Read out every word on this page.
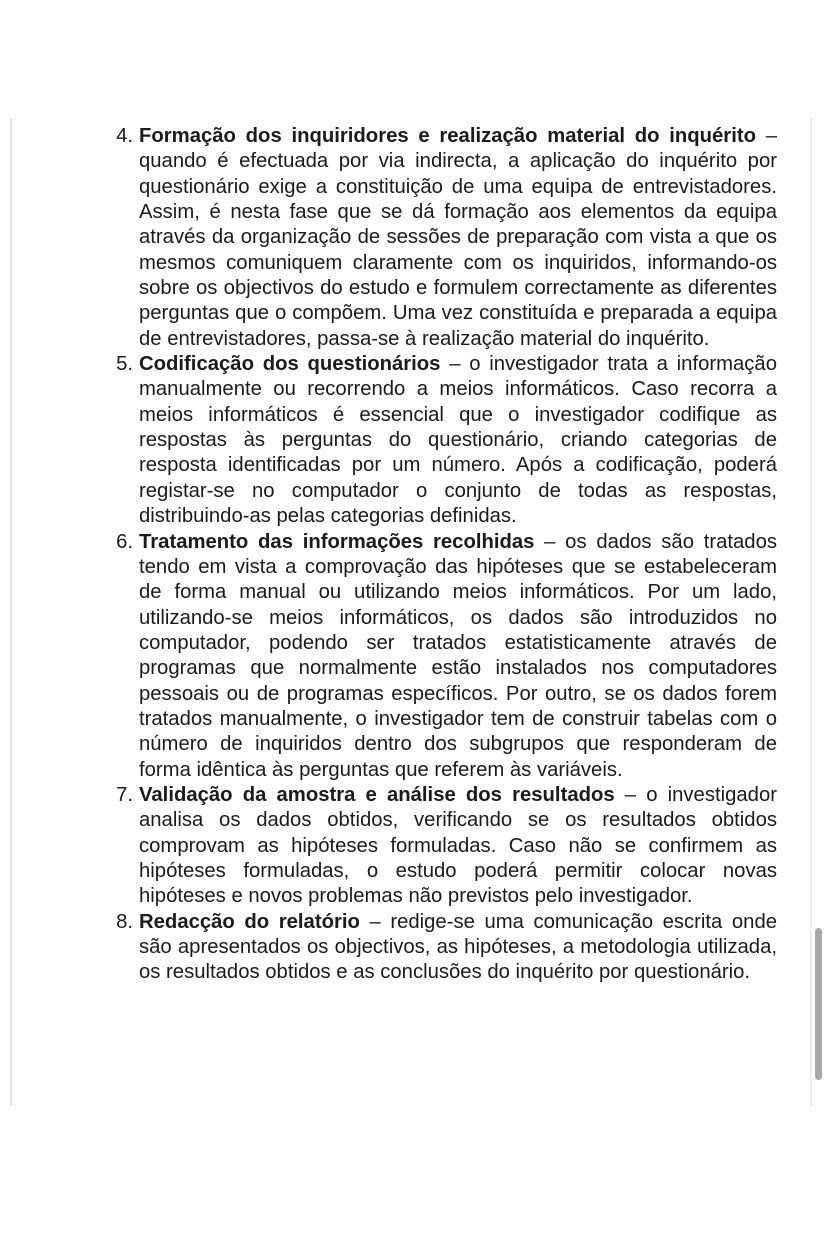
4. Formação dos inquiridores e realização material do inquérito – quando é efectuada por via indirecta, a aplicação do inquérito por questionário exige a constituição de uma equipa de entrevistadores. Assim, é nesta fase que se dá formação aos elementos da equipa através da organização de sessões de preparação com vista a que os mesmos comuniquem claramente com os inquiridos, informando-os sobre os objectivos do estudo e formulem correctamente as diferentes perguntas que o compõem. Uma vez constituída e preparada a equipa de entrevistadores, passa-se à realização material do inquérito.
5. Codificação dos questionários – o investigador trata a informação manualmente ou recorrendo a meios informáticos. Caso recorra a meios informáticos é essencial que o investigador codifique as respostas às perguntas do questionário, criando categorias de resposta identificadas por um número. Após a codificação, poderá registar-se no computador o conjunto de todas as respostas, distribuindo-as pelas categorias definidas.
6. Tratamento das informações recolhidas – os dados são tratados tendo em vista a comprovação das hipóteses que se estabeleceram de forma manual ou utilizando meios informáticos. Por um lado, utilizando-se meios informáticos, os dados são introduzidos no computador, podendo ser tratados estatisticamente através de programas que normalmente estão instalados nos computadores pessoais ou de programas específicos. Por outro, se os dados forem tratados manualmente, o investigador tem de construir tabelas com o número de inquiridos dentro dos subgrupos que responderam de forma idêntica às perguntas que referem às variáveis.
7. Validação da amostra e análise dos resultados – o investigador analisa os dados obtidos, verificando se os resultados obtidos comprovam as hipóteses formuladas. Caso não se confirmem as hipóteses formuladas, o estudo poderá permitir colocar novas hipóteses e novos problemas não previstos pelo investigador.
8. Redacção do relatório – redige-se uma comunicação escrita onde são apresentados os objectivos, as hipóteses, a metodologia utilizada, os resultados obtidos e as conclusões do inquérito por questionário.
